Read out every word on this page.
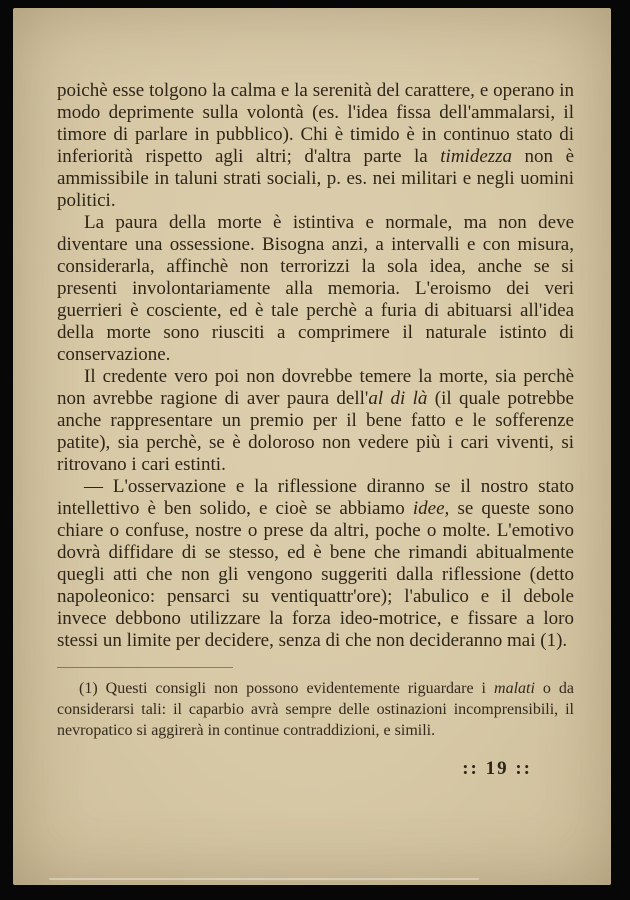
poichè esse tolgono la calma e la serenità del carattere, e operano in modo deprimente sulla volontà (es. l'idea fissa dell'ammalarsi, il timore di parlare in pubblico). Chi è timido è in continuo stato di inferiorità rispetto agli altri; d'altra parte la timidezza non è ammissibile in taluni strati sociali, p. es. nei militari e negli uomini politici.

La paura della morte è istintiva e normale, ma non deve diventare una ossessione. Bisogna anzi, a intervalli e con misura, considerarla, affinchè non terrorizzi la sola idea, anche se si presenti involontariamente alla memoria. L'eroismo dei veri guerrieri è cosciente, ed è tale perchè a furia di abituarsi all'idea della morte sono riusciti a comprimere il naturale istinto di conservazione.

Il credente vero poi non dovrebbe temere la morte, sia perchè non avrebbe ragione di aver paura dell'al di là (il quale potrebbe anche rappresentare un premio per il bene fatto e le sofferenze patite), sia perchè, se è doloroso non vedere più i cari viventi, si ritrovano i cari estinti.

— L'osservazione e la riflessione diranno se il nostro stato intellettivo è ben solido, e cioè se abbiamo idee, se queste sono chiare o confuse, nostre o prese da altri, poche o molte. L'emotivo dovrà diffidare di se stesso, ed è bene che rimandi abitualmente quegli atti che non gli vengono suggeriti dalla riflessione (detto napoleonico: pensarci su ventiquattr'ore); l'abulico e il debole invece debbono utilizzare la forza ideo-motrice, e fissare a loro stessi un limite per decidere, senza di che non decideranno mai (1).

(1) Questi consigli non possono evidentemente riguardare i malati o da considerarsi tali: il caparbio avrà sempre delle ostinazioni incomprensibili, il nevropatico si aggirerà in continue contraddizioni, e simili.

:: 19 ::
